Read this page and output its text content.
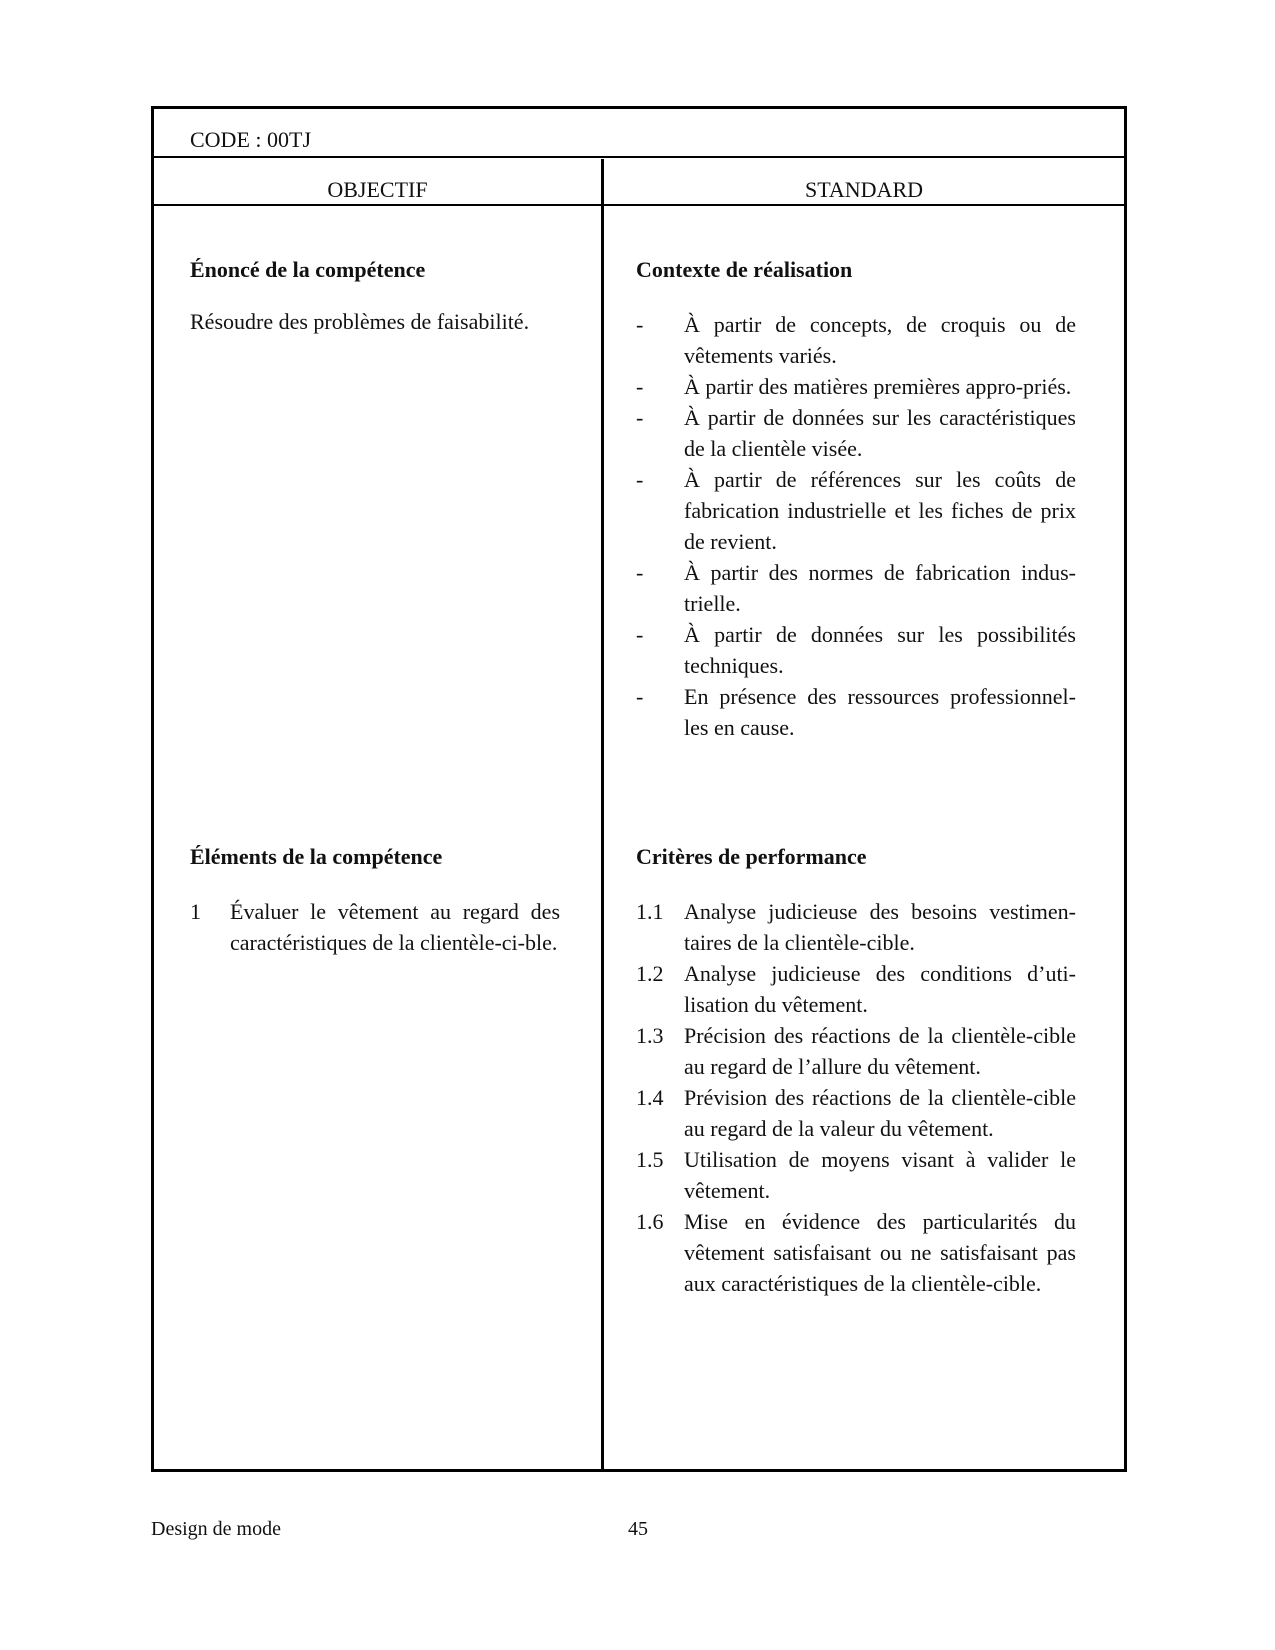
CODE : 00TJ
OBJECTIF	STANDARD

Énoncé de la compétence

Résoudre des problèmes de faisabilité.

Contexte de réalisation

-	À partir de concepts, de croquis ou de vêtements variés.
-	À partir des matières premières appro-priés.
-	À partir de données sur les caractéristiques de la clientèle visée.
-	À partir de références sur les coûts de fabrication industrielle et les fiches de prix de revient.
-	À partir des normes de fabrication indus-trielle.
-	À partir de données sur les possibilités techniques.
-	En présence des ressources professionnel-les en cause.

Éléments de la compétence

1	Évaluer le vêtement au regard des caractéristiques de la clientèle-ci-ble.

Critères de performance

1.1 Analyse judicieuse des besoins vestimen-taires de la clientèle-cible.
1.2 Analyse judicieuse des conditions d’uti-lisation du vêtement.
1.3 Précision des réactions de la clientèle-cible au regard de l’allure du vêtement.
1.4 Prévision des réactions de la clientèle-cible au regard de la valeur du vêtement.
1.5 Utilisation de moyens visant à valider le vêtement.
1.6 Mise en évidence des particularités du vêtement satisfaisant ou ne satisfaisant pas aux caractéristiques de la clientèle-cible.
Design de mode	45
